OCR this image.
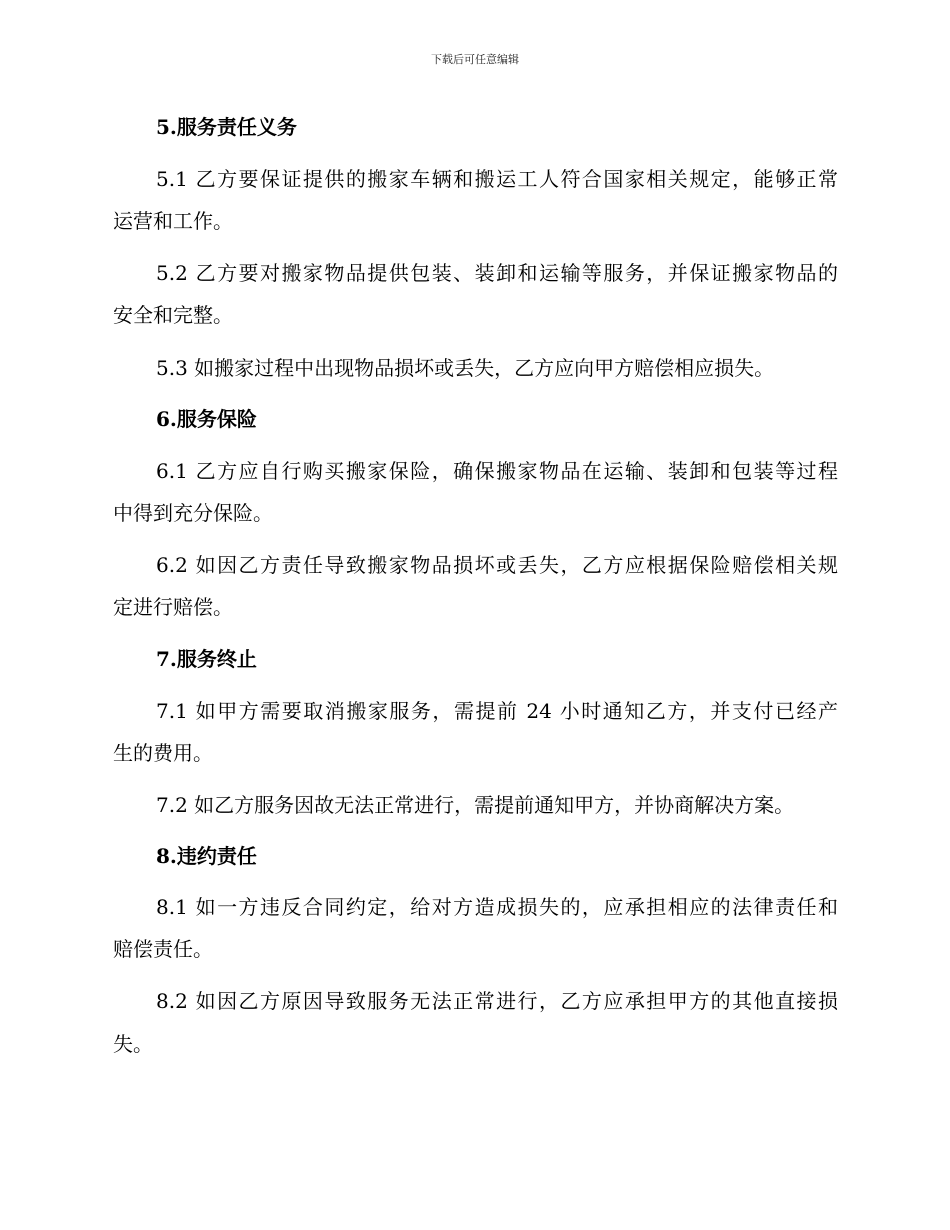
下载后可任意编辑
5.服务责任义务
5.1 乙方要保证提供的搬家车辆和搬运工人符合国家相关规定，能够正常
运营和工作。
5.2 乙方要对搬家物品提供包装、装卸和运输等服务，并保证搬家物品的
安全和完整。
5.3 如搬家过程中出现物品损坏或丢失，乙方应向甲方赔偿相应损失。
6.服务保险
6.1 乙方应自行购买搬家保险，确保搬家物品在运输、装卸和包装等过程
中得到充分保险。
6.2 如因乙方责任导致搬家物品损坏或丢失，乙方应根据保险赔偿相关规
定进行赔偿。
7.服务终止
7.1 如甲方需要取消搬家服务，需提前 24 小时通知乙方，并支付已经产
生的费用。
7.2 如乙方服务因故无法正常进行，需提前通知甲方，并协商解决方案。
8.违约责任
8.1 如一方违反合同约定，给对方造成损失的，应承担相应的法律责任和
赔偿责任。
8.2 如因乙方原因导致服务无法正常进行，乙方应承担甲方的其他直接损
失。
